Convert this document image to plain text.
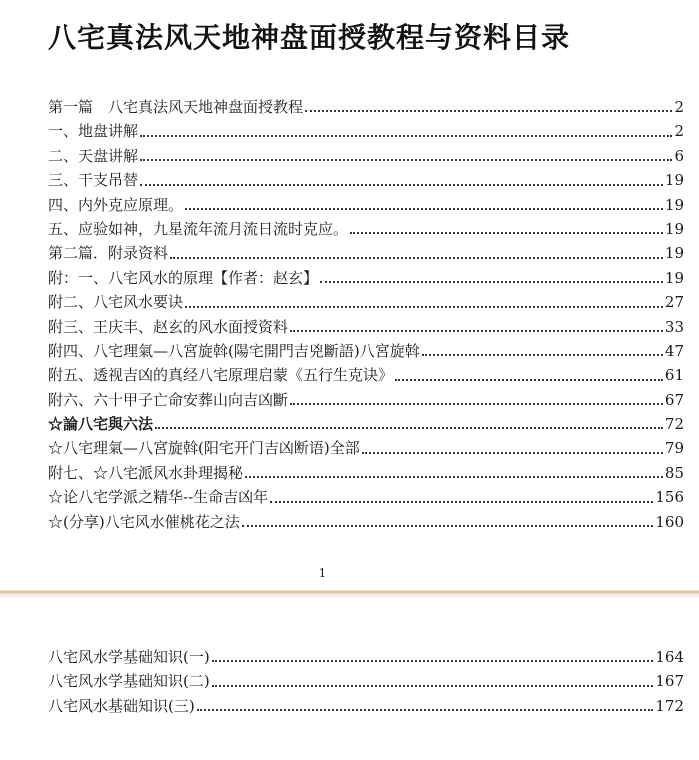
八宅真法风天地神盘面授教程与资料目录
第一篇　八宅真法风天地神盘面授教程	2
一、地盘讲解	2
二、天盘讲解	6
三、干支吊替	19
四、内外克应原理。	19
五、应验如神，九星流年流月流日流时克应。	19
第二篇．附录资料	19
附：一、八宅风水的原理【作者：赵玄】	19
附二、八宅风水要诀	27
附三、王庆丰、赵玄的风水面授资料	33
附四、八宅理氣—八宮旋斡(陽宅開門吉兇斷語)八宮旋斡	47
附五、透视吉凶的真经八宅原理启蒙《五行生克诀》	61
附六、六十甲子亡命安葬山向吉凶斷	67
☆論八宅與六法	72
☆八宅理氣—八宮旋斡(阳宅开门吉凶断语)全部	79
附七、☆八宅派风水卦理揭秘	85
☆论八宅学派之精华--生命吉凶年	156
☆(分享)八宅风水催桃花之法	160
1
八宅风水学基础知识(一)	164
八宅风水学基础知识(二)	167
八宅风水基础知识(三)	172
